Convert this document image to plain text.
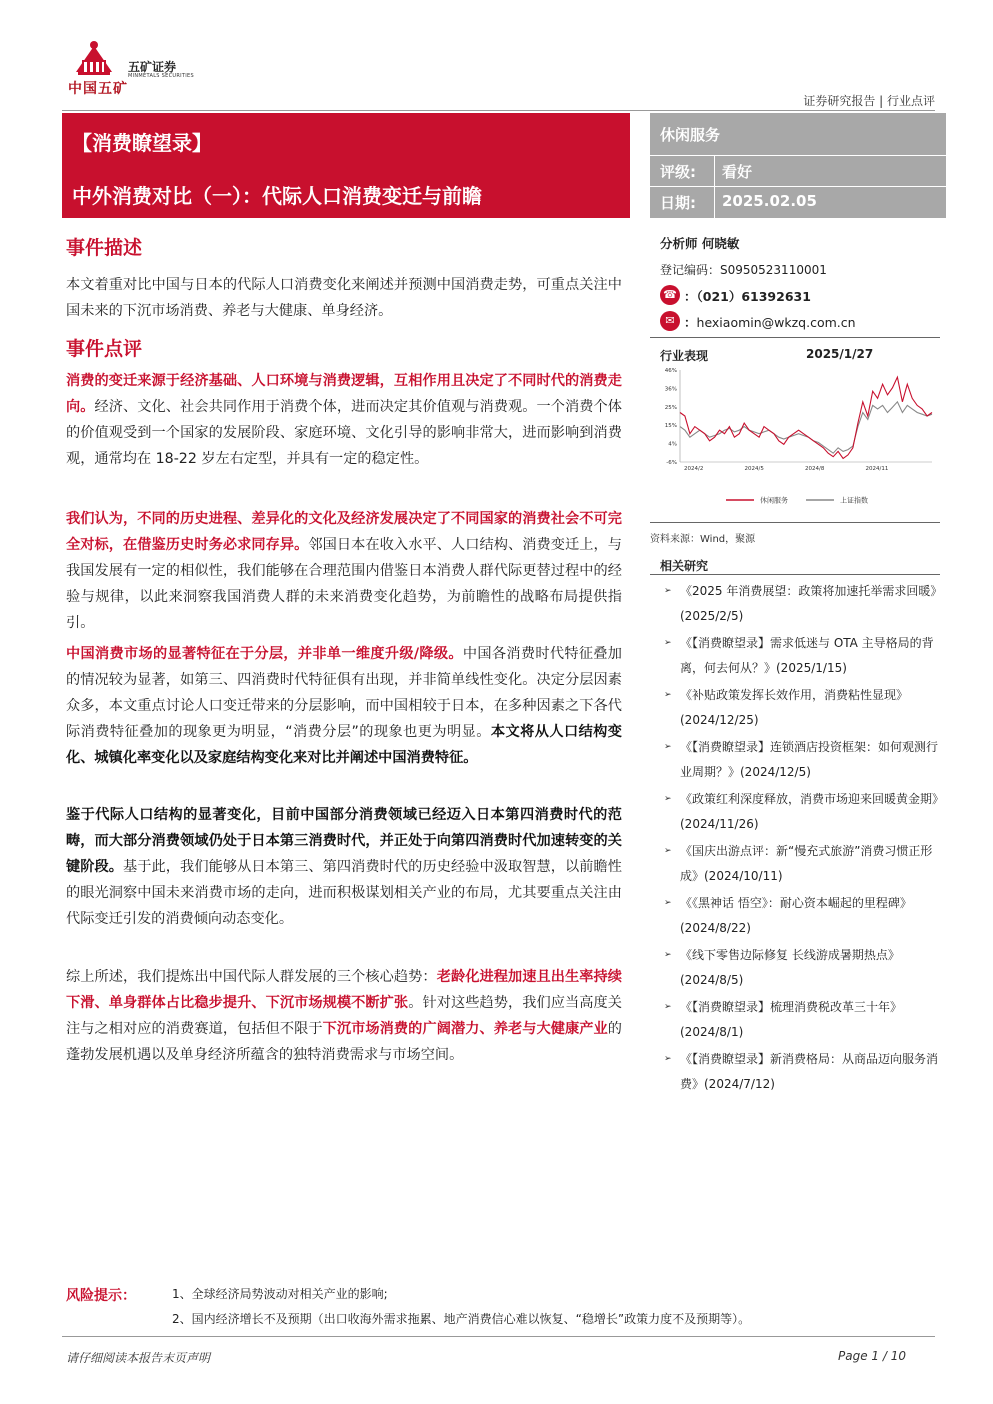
中国五矿
五矿证券
MINMETALS SECURITIES
证券研究报告 | 行业点评
【消费瞭望录】
中外消费对比（一）：代际人口消费变迁与前瞻
休闲服务
评级: 看好
日期: 2025.02.05
事件描述
本文着重对比中国与日本的代际人口消费变化来阐述并预测中国消费走势，可重点关注中国未来的下沉市场消费、养老与大健康、单身经济。
事件点评
消费的变迁来源于经济基础、人口环境与消费逻辑，互相作用且决定了不同时代的消费走向。经济、文化、社会共同作用于消费个体，进而决定其价值观与消费观。一个消费个体的价值观受到一个国家的发展阶段、家庭环境、文化引导的影响非常大，进而影响到消费观，通常均在 18-22 岁左右定型，并具有一定的稳定性。
我们认为，不同的历史进程、差异化的文化及经济发展决定了不同国家的消费社会不可完全对标，在借鉴历史时务必求同存异。邻国日本在收入水平、人口结构、消费变迁上，与我国发展有一定的相似性，我们能够在合理范围内借鉴日本消费人群代际更替过程中的经验与规律，以此来洞察我国消费人群的未来消费变化趋势，为前瞻性的战略布局提供指引。
中国消费市场的显著特征在于分层，并非单一维度升级/降级。中国各消费时代特征叠加的情况较为显著，如第三、四消费时代特征俱有出现，并非简单线性变化。决定分层因素众多，本文重点讨论人口变迁带来的分层影响，而中国相较于日本，在多种因素之下各代际消费特征叠加的现象更为明显，“消费分层”的现象也更为明显。本文将从人口结构变化、城镇化率变化以及家庭结构变化来对比并阐述中国消费特征。
鉴于代际人口结构的显著变化，目前中国部分消费领域已经迈入日本第四消费时代的范畴，而大部分消费领域仍处于日本第三消费时代，并正处于向第四消费时代加速转变的关键阶段。基于此，我们能够从日本第三、第四消费时代的历史经验中汲取智慧，以前瞻性的眼光洞察中国未来消费市场的走向，进而积极谋划相关产业的布局，尤其要重点关注由代际变迁引发的消费倾向动态变化。
综上所述，我们提炼出中国代际人群发展的三个核心趋势：老龄化进程加速且出生率持续下滑、单身群体占比稳步提升、下沉市场规模不断扩张。针对这些趋势，我们应当高度关注与之相对应的消费赛道，包括但不限于下沉市场消费的广阔潜力、养老与大健康产业的蓬勃发展机遇以及单身经济所蕴含的独特消费需求与市场空间。
分析师 何晓敏
登记编码：S0950523110001
☎ ：（021）61392631
✉ ：hexiaomin@wkzq.com.cn
行业表现	2025/1/27
46%
36%
25%
15%
4%
-6%
2024/2	2024/5	2024/8	2024/11
休闲服务	上证指数
资料来源：Wind，聚源
相关研究
➢ 《2025 年消费展望：政策将加速托举需求回暖》(2025/2/5)
➢ 《【消费瞭望录】需求低迷与 OTA 主导格局的背离，何去何从？》(2025/1/15)
➢ 《补贴政策发挥长效作用，消费粘性显现》(2024/12/25)
➢ 《【消费瞭望录】连锁酒店投资框架：如何观测行业周期？》(2024/12/5)
➢ 《政策红利深度释放，消费市场迎来回暖黄金期》(2024/11/26)
➢ 《国庆出游点评：新“慢充式旅游”消费习惯正形成》(2024/10/11)
➢ 《《黑神话 悟空》：耐心资本崛起的里程碑》(2024/8/22)
➢ 《线下零售边际修复 长线游成暑期热点》(2024/8/5)
➢ 《【消费瞭望录】梳理消费税改革三十年》(2024/8/1)
➢ 《【消费瞭望录】新消费格局：从商品迈向服务消费》(2024/7/12)
风险提示：	1、全球经济局势波动对相关产业的影响;
2、国内经济增长不及预期（出口收海外需求拖累、地产消费信心难以恢复、“稳增长”政策力度不及预期等）。
请仔细阅读本报告末页声明	Page 1 / 10
